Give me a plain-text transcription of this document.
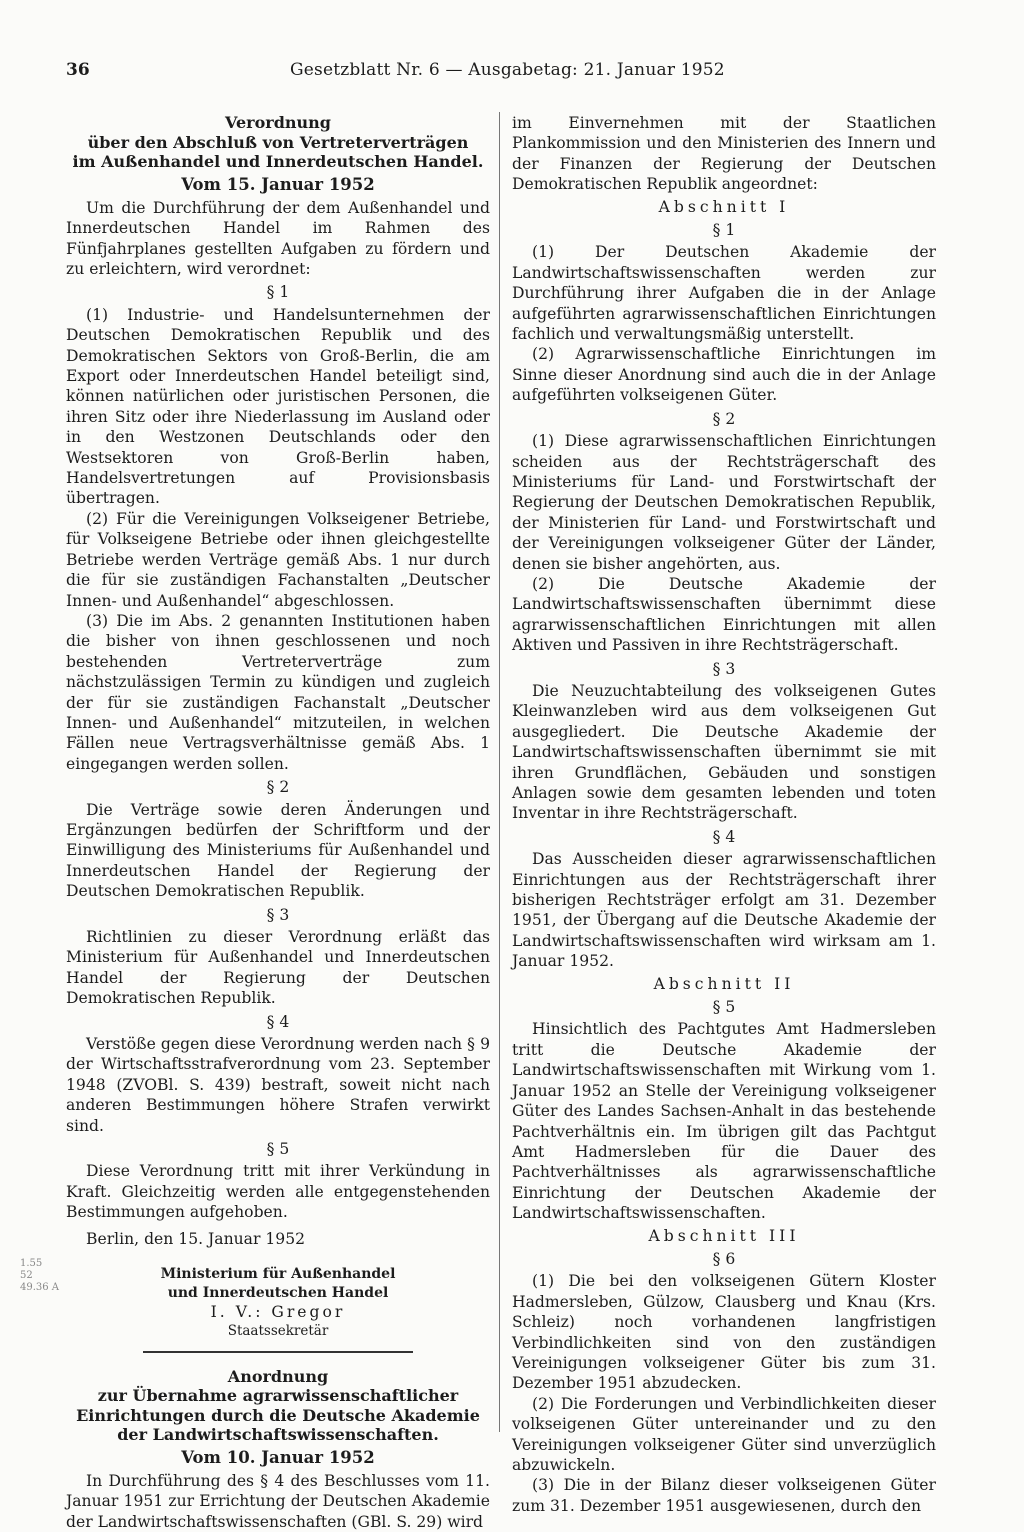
36	Gesetzblatt Nr. 6 — Ausgabetag: 21. Januar 1952
Verordnung
über den Abschluß von Vertreterverträgen
im Außenhandel und Innerdeutschen Handel.
Vom 15. Januar 1952

Um die Durchführung der dem Außenhandel und Innerdeutschen Handel im Rahmen des Fünfjahrplanes gestellten Aufgaben zu fördern und zu erleichtern, wird verordnet:

§ 1

(1) Industrie- und Handelsunternehmen der Deutschen Demokratischen Republik und des Demokratischen Sektors von Groß-Berlin, die am Export oder Innerdeutschen Handel beteiligt sind, können natürlichen oder juristischen Personen, die ihren Sitz oder ihre Niederlassung im Ausland oder in den Westzonen Deutschlands oder den Westsektoren von Groß-Berlin haben, Handelsvertretungen auf Provisionsbasis übertragen.

(2) Für die Vereinigungen Volkseigener Betriebe, für Volkseigene Betriebe oder ihnen gleichgestellte Betriebe werden Verträge gemäß Abs. 1 nur durch die für sie zuständigen Fachanstalten „Deutscher Innen- und Außenhandel“ abgeschlossen.

(3) Die im Abs. 2 genannten Institutionen haben die bisher von ihnen geschlossenen und noch bestehenden Vertreterverträge zum nächstzulässigen Termin zu kündigen und zugleich der für sie zuständigen Fachanstalt „Deutscher Innen- und Außenhandel“ mitzuteilen, in welchen Fällen neue Vertragsverhältnisse gemäß Abs. 1 eingegangen werden sollen.

§ 2

Die Verträge sowie deren Änderungen und Ergänzungen bedürfen der Schriftform und der Einwilligung des Ministeriums für Außenhandel und Innerdeutschen Handel der Regierung der Deutschen Demokratischen Republik.

§ 3

Richtlinien zu dieser Verordnung erläßt das Ministerium für Außenhandel und Innerdeutschen Handel der Regierung der Deutschen Demokratischen Republik.

§ 4

Verstöße gegen diese Verordnung werden nach § 9 der Wirtschaftsstrafverordnung vom 23. September 1948 (ZVOBl. S. 439) bestraft, soweit nicht nach anderen Bestimmungen höhere Strafen verwirkt sind.

§ 5

Diese Verordnung tritt mit ihrer Verkündung in Kraft. Gleichzeitig werden alle entgegenstehenden Bestimmungen aufgehoben.

Berlin, den 15. Januar 1952

Ministerium für Außenhandel
und Innerdeutschen Handel
I. V.: Gregor
Staatssekretär
Anordnung
zur Übernahme agrarwissenschaftlicher
Einrichtungen durch die Deutsche Akademie
der Landwirtschaftswissenschaften.
Vom 10. Januar 1952

In Durchführung des § 4 des Beschlusses vom 11. Januar 1951 zur Errichtung der Deutschen Akademie der Landwirtschaftswissenschaften (GBl. S. 29) wird

im Einvernehmen mit der Staatlichen Plankommission und den Ministerien des Innern und der Finanzen der Regierung der Deutschen Demokratischen Republik angeordnet:

Abschnitt I
§ 1

(1) Der Deutschen Akademie der Landwirtschaftswissenschaften werden zur Durchführung ihrer Aufgaben die in der Anlage aufgeführten agrarwissenschaftlichen Einrichtungen fachlich und verwaltungsmäßig unterstellt.

(2) Agrarwissenschaftliche Einrichtungen im Sinne dieser Anordnung sind auch die in der Anlage aufgeführten volkseigenen Güter.

§ 2

(1) Diese agrarwissenschaftlichen Einrichtungen scheiden aus der Rechtsträgerschaft des Ministeriums für Land- und Forstwirtschaft der Regierung der Deutschen Demokratischen Republik, der Ministerien für Land- und Forstwirtschaft und der Vereinigungen volkseigener Güter der Länder, denen sie bisher angehörten, aus.

(2) Die Deutsche Akademie der Landwirtschaftswissenschaften übernimmt diese agrarwissenschaftlichen Einrichtungen mit allen Aktiven und Passiven in ihre Rechtsträgerschaft.

§ 3

Die Neuzuchtabteilung des volkseigenen Gutes Kleinwanzleben wird aus dem volkseigenen Gut ausgegliedert. Die Deutsche Akademie der Landwirtschaftswissenschaften übernimmt sie mit ihren Grundflächen, Gebäuden und sonstigen Anlagen sowie dem gesamten lebenden und toten Inventar in ihre Rechtsträgerschaft.

§ 4

Das Ausscheiden dieser agrarwissenschaftlichen Einrichtungen aus der Rechtsträgerschaft ihrer bisherigen Rechtsträger erfolgt am 31. Dezember 1951, der Übergang auf die Deutsche Akademie der Landwirtschaftswissenschaften wird wirksam am 1. Januar 1952.

Abschnitt II
§ 5

Hinsichtlich des Pachtgutes Amt Hadmersleben tritt die Deutsche Akademie der Landwirtschaftswissenschaften mit Wirkung vom 1. Januar 1952 an Stelle der Vereinigung volkseigener Güter des Landes Sachsen-Anhalt in das bestehende Pachtverhältnis ein. Im übrigen gilt das Pachtgut Amt Hadmersleben für die Dauer des Pachtverhältnisses als agrarwissenschaftliche Einrichtung der Deutschen Akademie der Landwirtschaftswissenschaften.

Abschnitt III
§ 6

(1) Die bei den volkseigenen Gütern Kloster Hadmersleben, Gülzow, Clausberg und Knau (Krs. Schleiz) noch vorhandenen langfristigen Verbindlichkeiten sind von den zuständigen Vereinigungen volkseigener Güter bis zum 31. Dezember 1951 abzudecken.

(2) Die Forderungen und Verbindlichkeiten dieser volkseigenen Güter untereinander und zu den Vereinigungen volkseigener Güter sind unverzüglich abzuwickeln.

(3) Die in der Bilanz dieser volkseigenen Güter zum 31. Dezember 1951 ausgewiesenen, durch den

1.55
52
49.36 A
